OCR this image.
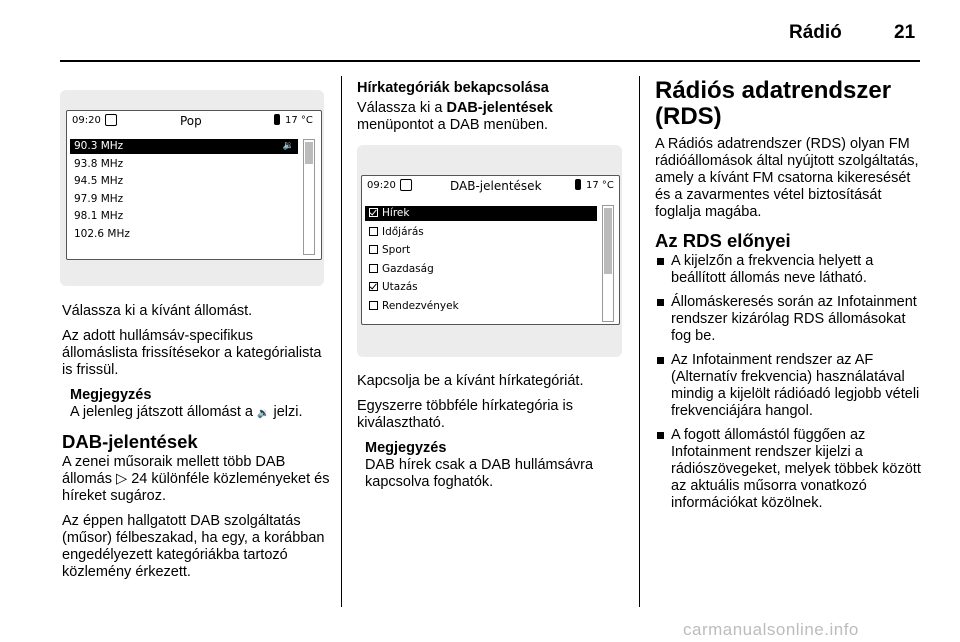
Rádió	21
09:20	Pop	17 °C
90.3 MHz	🔉
93.8 MHz
94.5 MHz
97.9 MHz
98.1 MHz
102.6 MHz

Válassza ki a kívánt állomást.

Az adott hullámsáv-specifikus állomáslista frissítésekor a kategórialista is frissül.

Megjegyzés
A jelenleg játszott állomást a 🔉 jelzi.
DAB-jelentések

A zenei műsoraik mellett több DAB állomás ▷ 24 különféle közleményeket és híreket sugároz.

Az éppen hallgatott DAB szolgáltatás (műsor) félbeszakad, ha egy, a korábban engedélyezett kategóriákba tartozó közlemény érkezett.

Hírkategóriák bekapcsolása

Válassza ki a DAB-jelentések menüpontot a DAB menüben.

09:20	DAB-jelentések	17 °C
Hírek
Időjárás
Sport
Gazdaság
Utazás
Rendezvények

Kapcsolja be a kívánt hírkategóriát.

Egyszerre többféle hírkategória is kiválasztható.

Megjegyzés
DAB hírek csak a DAB hullámsávra kapcsolva foghatók.
Rádiós adatrendszer (RDS)

A Rádiós adatrendszer (RDS) olyan FM rádióállomások által nyújtott szolgáltatás, amely a kívánt FM csatorna kikeresését és a zavarmentes vétel biztosítását foglalja magába.

Az RDS előnyei
A kijelzőn a frekvencia helyett a beállított állomás neve látható.
Állomáskeresés során az Infotainment rendszer kizárólag RDS állomásokat fog be.
Az Infotainment rendszer az AF (Alternatív frekvencia) használatával mindig a kijelölt rádióadó legjobb vételi frekvenciájára hangol.
A fogott állomástól függően az Infotainment rendszer kijelzi a rádiószövegeket, melyek többek között az aktuális műsorra vonatkozó információkat közölnek.
carmanualsonline.info
